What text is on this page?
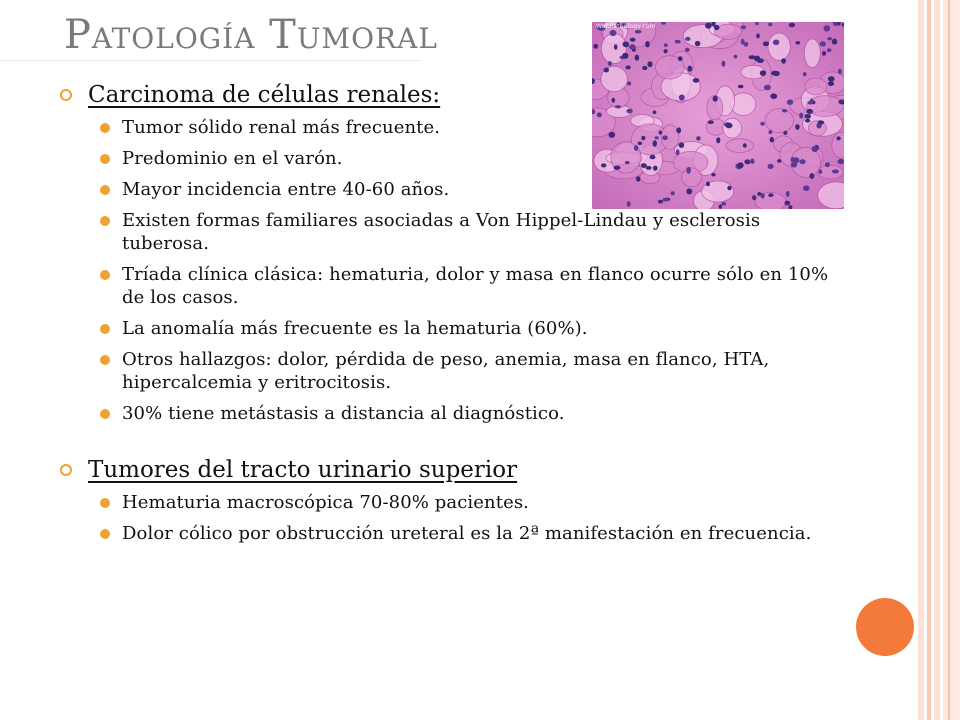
Patología Tumoral	WebPathology.com
Carcinoma de células renales:
Tumor sólido renal más frecuente.
Predominio en el varón.
Mayor incidencia entre 40-60 años.
Existen formas familiares asociadas a Von Hippel-Lindau y esclerosis tuberosa.
Tríada clínica clásica: hematuria, dolor y masa en flanco ocurre sólo en 10% de los casos.
La anomalía más frecuente es la hematuria (60%).
Otros hallazgos: dolor, pérdida de peso, anemia, masa en flanco, HTA, hipercalcemia y eritrocitosis.
30% tiene metástasis a distancia al diagnóstico.
Tumores del tracto urinario superior
Hematuria macroscópica 70-80% pacientes.
Dolor cólico por obstrucción ureteral es la 2ª manifestación en frecuencia.
